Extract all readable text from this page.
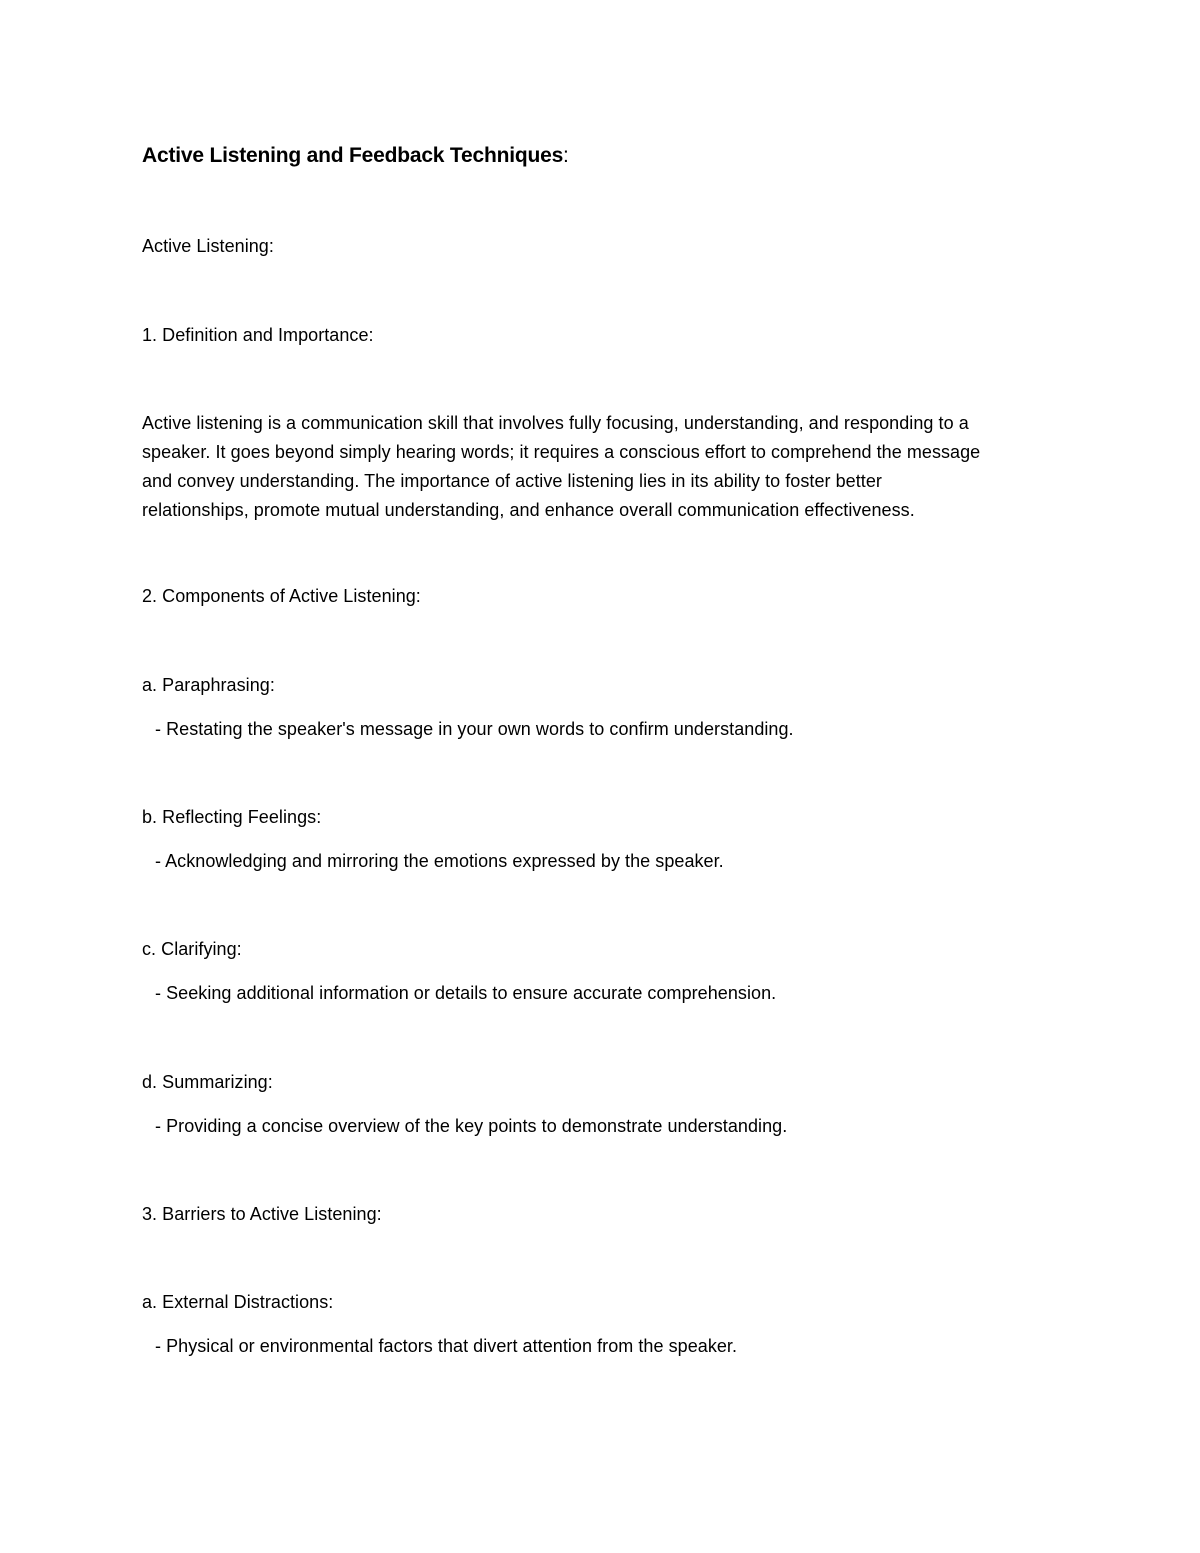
Active Listening and Feedback Techniques:

Active Listening:

1. Definition and Importance:

Active listening is a communication skill that involves fully focusing, understanding, and responding to a
speaker. It goes beyond simply hearing words; it requires a conscious effort to comprehend the message
and convey understanding. The importance of active listening lies in its ability to foster better
relationships, promote mutual understanding, and enhance overall communication effectiveness.

2. Components of Active Listening:

a. Paraphrasing:

- Restating the speaker's message in your own words to confirm understanding.

b. Reflecting Feelings:

- Acknowledging and mirroring the emotions expressed by the speaker.

c. Clarifying:

- Seeking additional information or details to ensure accurate comprehension.

d. Summarizing:

- Providing a concise overview of the key points to demonstrate understanding.

3. Barriers to Active Listening:

a. External Distractions:

- Physical or environmental factors that divert attention from the speaker.
